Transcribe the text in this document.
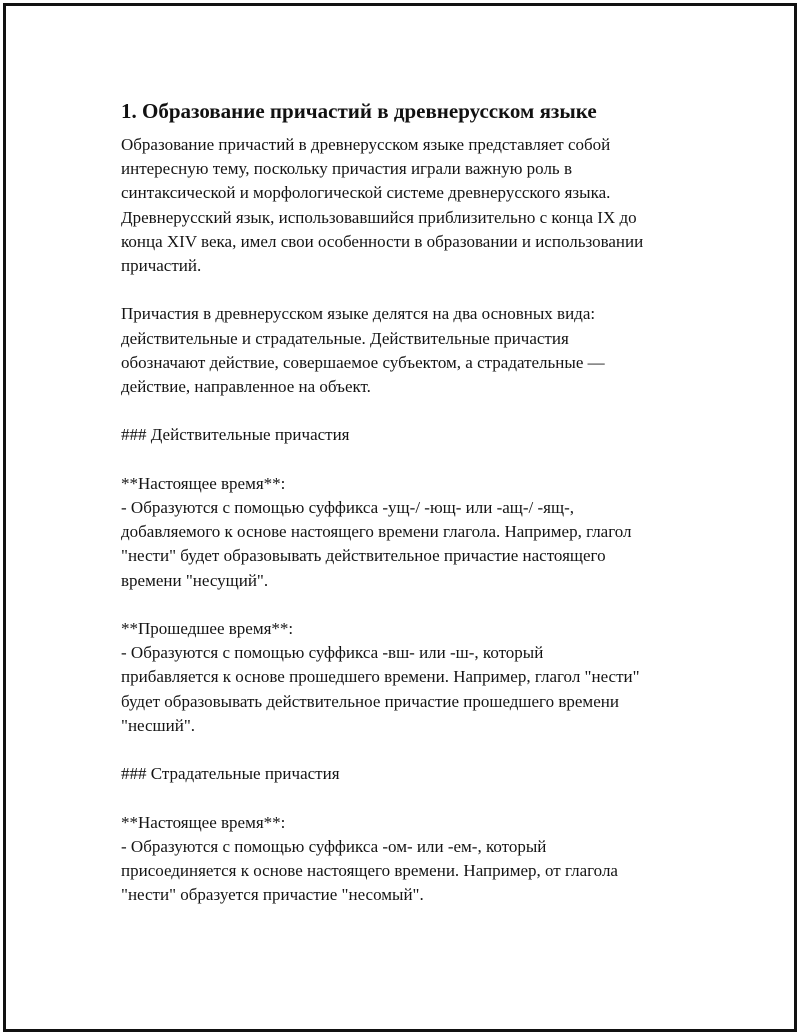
1. Образование причастий в древнерусском языке

Образование причастий в древнерусском языке представляет собой
интересную тему, поскольку причастия играли важную роль в
синтаксической и морфологической системе древнерусского языка.
Древнерусский язык, использовавшийся приблизительно с конца IX до
конца XIV века, имел свои особенности в образовании и использовании
причастий.

Причастия в древнерусском языке делятся на два основных вида:
действительные и страдательные. Действительные причастия
обозначают действие, совершаемое субъектом, а страдательные —
действие, направленное на объект.

### Действительные причастия

**Настоящее время**:
- Образуются с помощью суффикса -ущ-/ -ющ- или -ащ-/ -ящ-,
добавляемого к основе настоящего времени глагола. Например, глагол
"нести" будет образовывать действительное причастие настоящего
времени "несущий".

**Прошедшее время**:
- Образуются с помощью суффикса -вш- или -ш-, который
прибавляется к основе прошедшего времени. Например, глагол "нести"
будет образовывать действительное причастие прошедшего времени
"несший".

### Страдательные причастия

**Настоящее время**:
- Образуются с помощью суффикса -ом- или -ем-, который
присоединяется к основе настоящего времени. Например, от глагола
"нести" образуется причастие "несомый".
